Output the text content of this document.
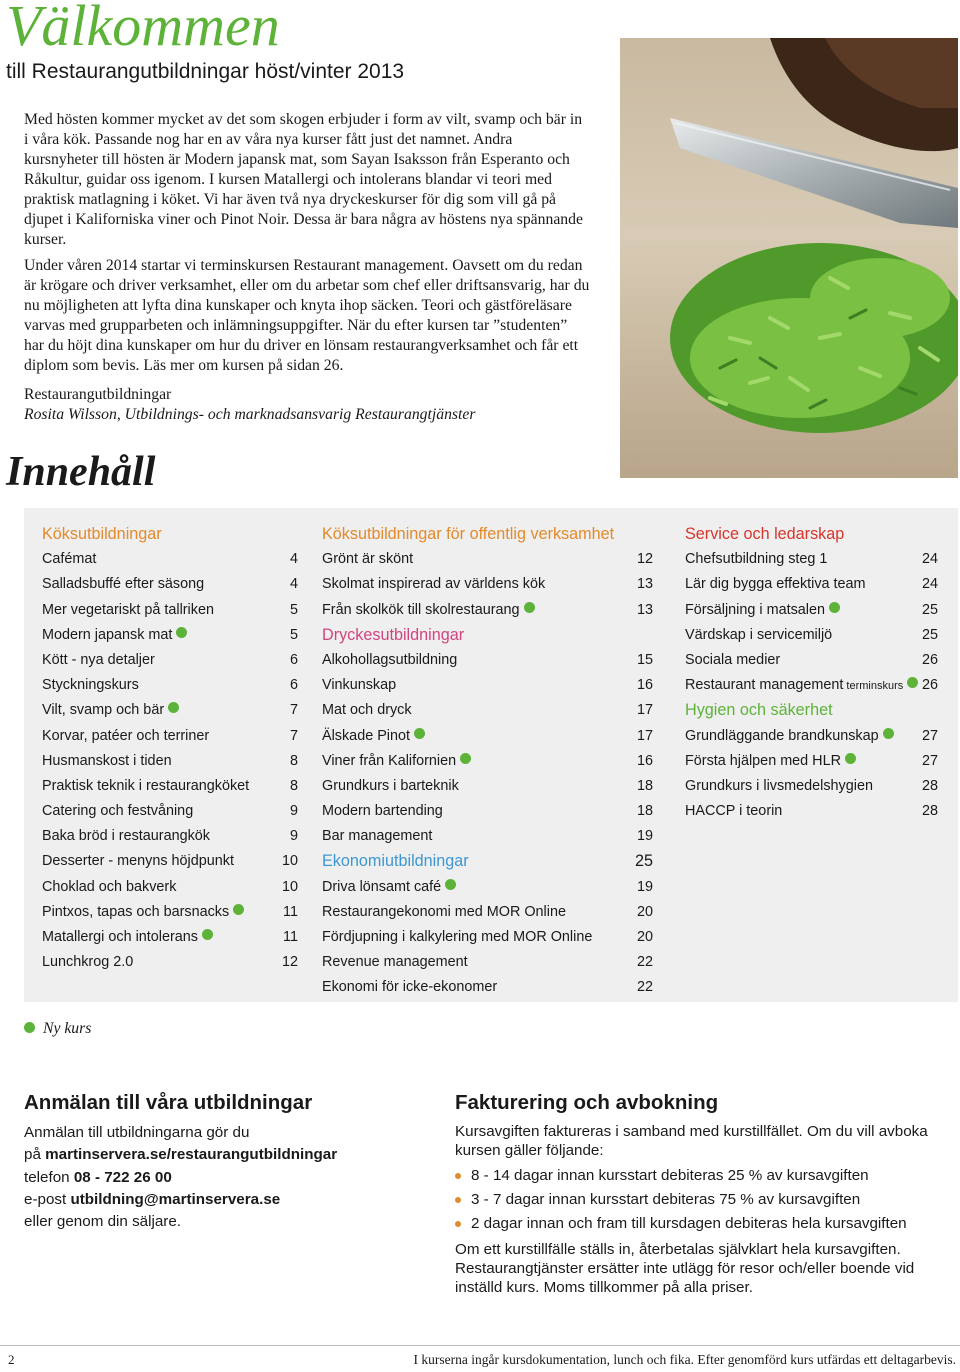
Välkommen
till Restaurangutbildningar höst/vinter 2013

Med hösten kommer mycket av det som skogen erbjuder i form av vilt, svamp och bär in i våra kök. Passande nog har en av våra nya kurser fått just det namnet. Andra kursnyheter till hösten är Modern japansk mat, som Sayan Isaksson från Esperanto och Råkultur, guidar oss igenom. I kursen Matallergi och intolerans blandar vi teori med praktisk matlagning i köket. Vi har även två nya dryckeskurser för dig som vill gå på djupet i Kaliforniska viner och Pinot Noir. Dessa är bara några av höstens nya spännande kurser.

Under våren 2014 startar vi terminskursen Restaurant management. Oavsett om du redan är krögare och driver verksamhet, eller om du arbetar som chef eller driftsansvarig, har du nu möjligheten att lyfta dina kunskaper och knyta ihop säcken. Teori och gästföreläsare varvas med grupparbeten och inlämningsuppgifter. När du efter kursen tar ”studenten” har du höjt dina kunskaper om hur du driver en lönsam restaurangverksamhet och får ett diplom som bevis. Läs mer om kursen på sidan 26.

Restaurangutbildningar
Rosita Wilsson, Utbildnings- och marknadsansvarig Restaurangtjänster
Innehåll
Köksutbildningar
Cafémat	4
Salladsbuffé efter säsong	4
Mer vegetariskt på tallriken	5
Modern japansk mat	5
Kött - nya detaljer	6
Styckningskurs	6
Vilt, svamp och bär	7
Korvar, patéer och terriner	7
Husmanskost i tiden	8
Praktisk teknik i restaurangköket	8
Catering och festvåning	9
Baka bröd i restaurangkök	9
Desserter - menyns höjdpunkt	10
Choklad och bakverk	10
Pintxos, tapas och barsnacks	11
Matallergi och intolerans	11
Lunchkrog 2.0	12
Köksutbildningar för offentlig verksamhet
Grönt är skönt	12
Skolmat inspirerad av världens kök	13
Från skolkök till skolrestaurang	13
Dryckesutbildningar
Alkohollagsutbildning	15
Vinkunskap	16
Mat och dryck	17
Älskade Pinot	17
Viner från Kalifornien	16
Grundkurs i barteknik	18
Modern bartending	18
Bar management	19
Ekonomiutbildningar	25
Driva lönsamt café	19
Restaurangekonomi med MOR Online	20
Fördjupning i kalkylering med MOR Online	20
Revenue management	22
Ekonomi för icke-ekonomer	22
Service och ledarskap
Chefsutbildning steg 1	24
Lär dig bygga effektiva team	24
Försäljning i matsalen	25
Värdskap i servicemiljö	25
Sociala medier	26
Restaurant management terminskurs 26
Hygien och säkerhet
Grundläggande brandkunskap	27
Första hjälpen med HLR	27
Grundkurs i livsmedelshygien	28
HACCP i teorin	28
Ny kurs
Anmälan till våra utbildningar
Anmälan till utbildningarna gör du
på martinservera.se/restaurangutbildningar
telefon 08 - 722 26 00
e-post utbildning@martinservera.se
eller genom din säljare.
Fakturering och avbokning
Kursavgiften faktureras i samband med kurstillfället. Om du vill avboka kursen gäller följande:
8 - 14 dagar innan kursstart debiteras 25 % av kursavgiften
3 - 7 dagar innan kursstart debiteras 75 % av kursavgiften
2 dagar innan och fram till kursdagen debiteras hela kursavgiften
Om ett kurstillfälle ställs in, återbetalas självklart hela kursavgiften. Restaurangtjänster ersätter inte utlägg för resor och/eller boende vid inställd kurs. Moms tillkommer på alla priser.
2	I kurserna ingår kursdokumentation, lunch och fika. Efter genomförd kurs utfärdas ett deltagarbevis.
